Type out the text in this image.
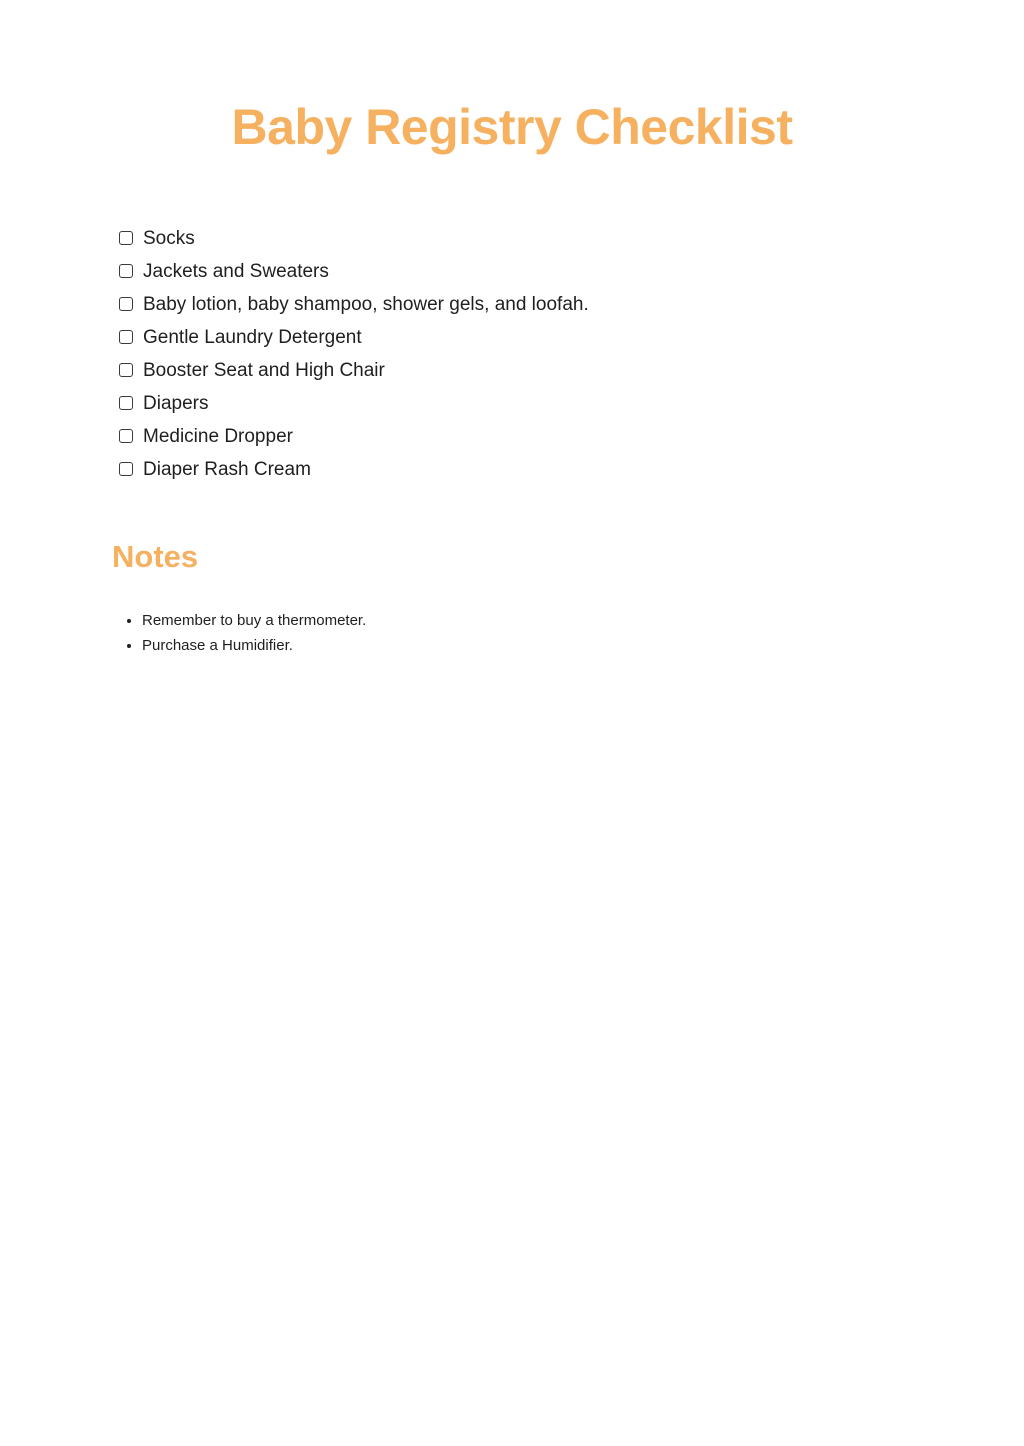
Baby Registry Checklist
Socks
Jackets and Sweaters
Baby lotion, baby shampoo, shower gels, and loofah.
Gentle Laundry Detergent
Booster Seat and High Chair
Diapers
Medicine Dropper
Diaper Rash Cream
Notes
• Remember to buy a thermometer.
• Purchase a Humidifier.
